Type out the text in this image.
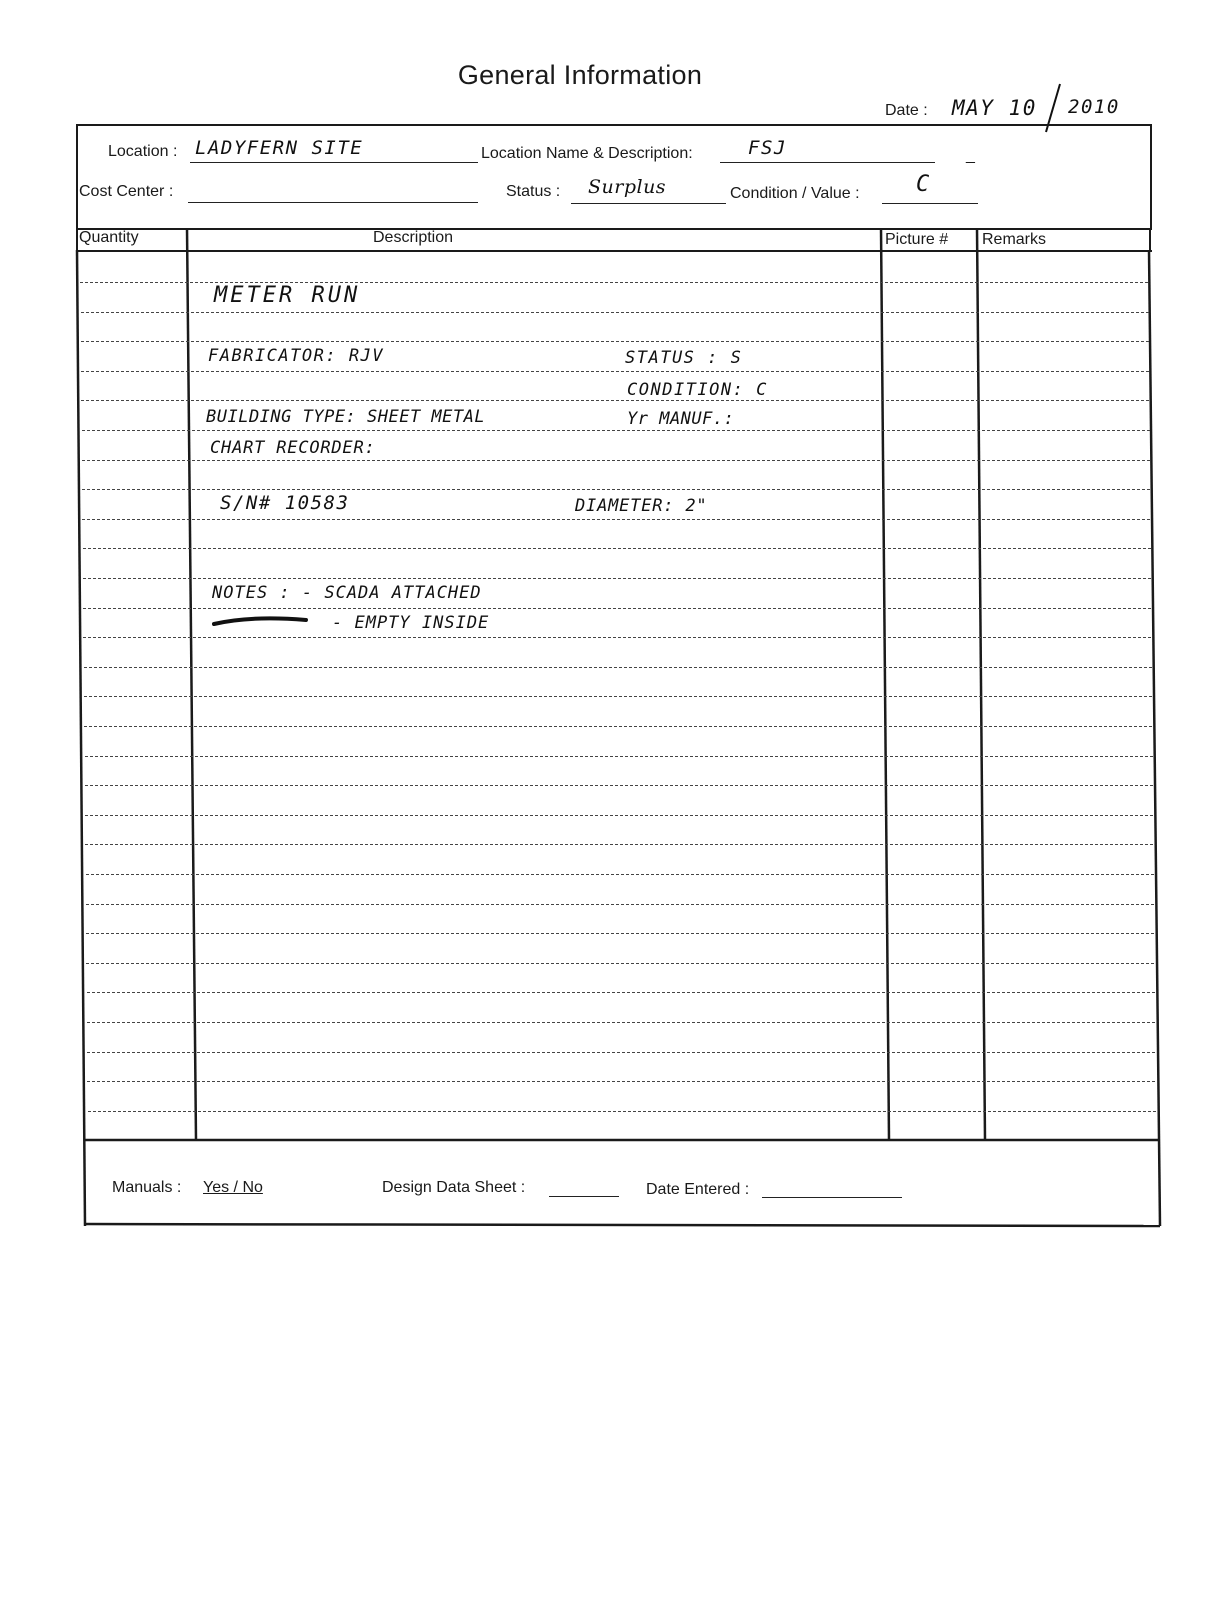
General Information
Date : MAY 10 2010
Location : LADYFERN SITE	Location Name & Description:	FSJ	_
Cost Center :	Status : Surplus	Condition / Value :	C
Quantity	Description	Picture # Remarks
METER RUN
FABRICATOR: RJV	STATUS : S
CONDITION: C
BUILDING TYPE: SHEET METAL	Yr MANUF.:
CHART RECORDER:
S/N# 10583	DIAMETER: 2"
NOTES : - SCADA ATTACHED
- EMPTY INSIDE
Manuals : Yes / No	Design Data Sheet :	Date Entered :
